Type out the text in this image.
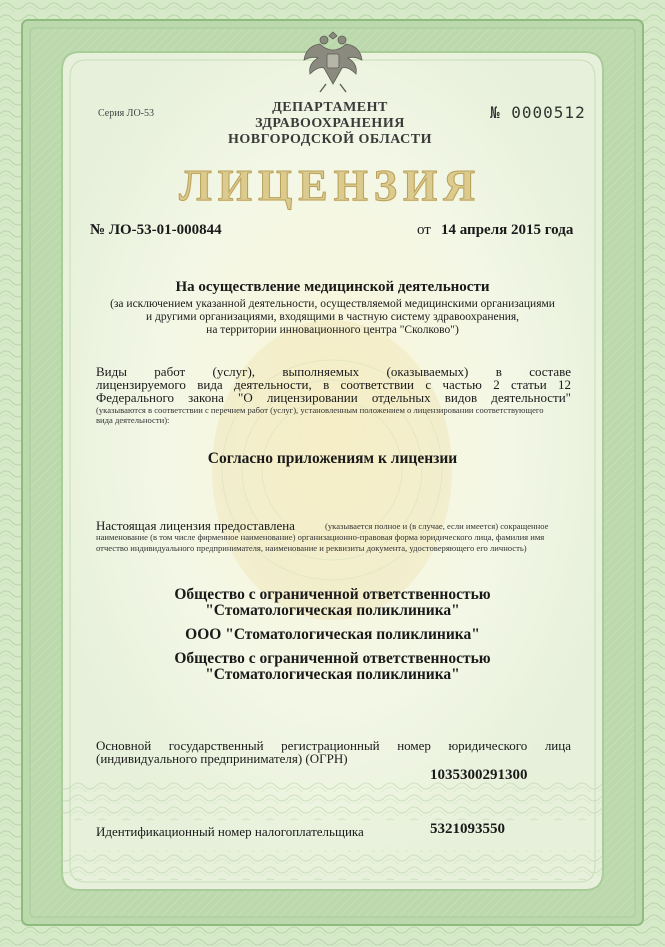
Серия ЛО-53	№ 0000512
ДЕПАРТАМЕНТ
ЗДРАВООХРАНЕНИЯ
НОВГОРОДСКОЙ ОБЛАСТИ
ЛИЦЕНЗИЯ
№ ЛО-53-01-000844	от 14 апреля 2015 года
На осуществление медицинской деятельности
(за исключением указанной деятельности, осуществляемой медицинскими организациями
и другими организациями, входящими в частную систему здравоохранения,
на территории инновационного центра "Сколково")
Виды работ (услуг), выполняемых (оказываемых) в составе
лицензируемого вида деятельности, в соответствии с частью 2 статьи 12
Федерального закона "О лицензировании отдельных видов деятельности"
(указываются в соответствии с перечнем работ (услуг), установленным положением о лицензировании соответствующего
вида деятельности):
Согласно приложениям к лицензии
Настоящая лицензия предоставлена	(указывается полное и (в случае, если имеется) сокращенное
наименование (в том числе фирменное наименование) организационно-правовая форма юридического лица, фамилия имя
отчество индивидуального предпринимателя, наименование и реквизиты документа, удостоверяющего его личность)
Общество с ограниченной ответственностью
"Стоматологическая поликлиника"
ООО "Стоматологическая поликлиника"
Общество с ограниченной ответственностью
"Стоматологическая поликлиника"
Основной государственный регистрационный номер юридического лица
(индивидуального предпринимателя) (ОГРН)
1035300291300
Идентификационный номер налогоплательщика	5321093550
